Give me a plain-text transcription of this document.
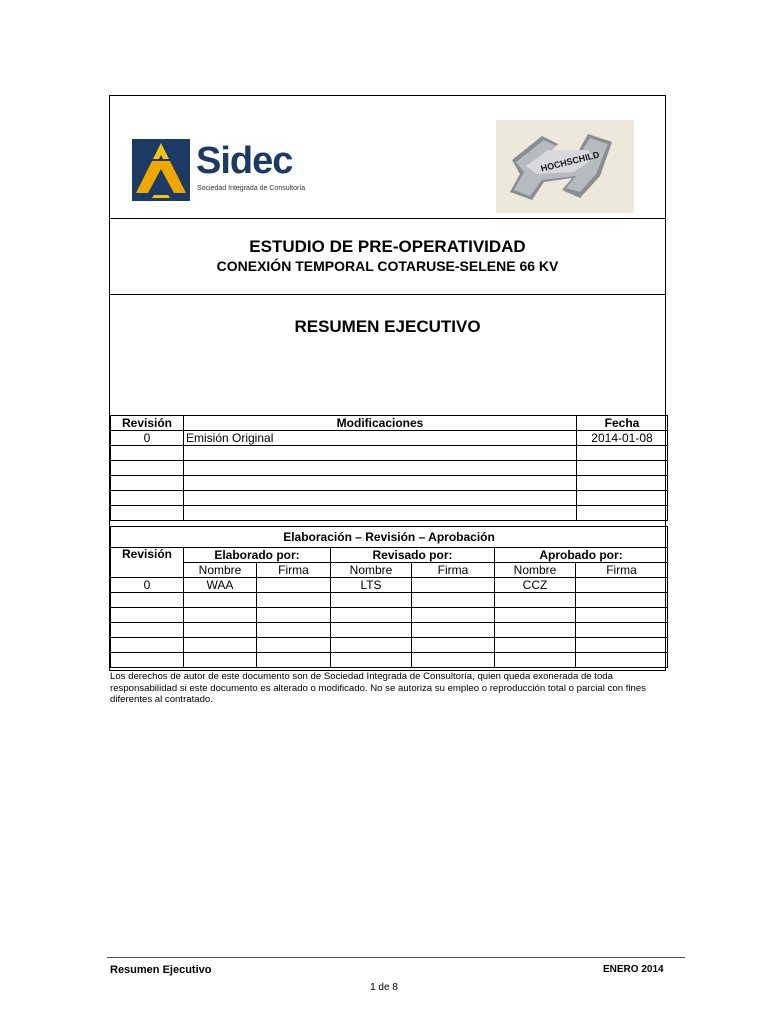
Sidec
Sociedad Integrada de Consultoría
HOCHSCHILD
ESTUDIO DE PRE-OPERATIVIDAD
CONEXIÓN TEMPORAL COTARUSE-SELENE 66 KV
RESUMEN EJECUTIVO
Revisión	Modificaciones	Fecha
0	Emisión Original	2014-01-08

Elaboración – Revisión – Aprobación						
Revisión	Elaborado por:		Revisado por:		Aprobado por:	
	Nombre	Firma	Nombre	Firma	Nombre	Firma
0	WAA		LTS		CCZ	

Los derechos de autor de este documento son de Sociedad Integrada de Consultoría, quien queda exonerada de toda responsabilidad si este documento es alterado o modificado. No se autoriza su empleo o reproducción total o parcial con fines diferentes al contratado.
Resumen Ejecutivo	ENERO 2014
1 de 8
